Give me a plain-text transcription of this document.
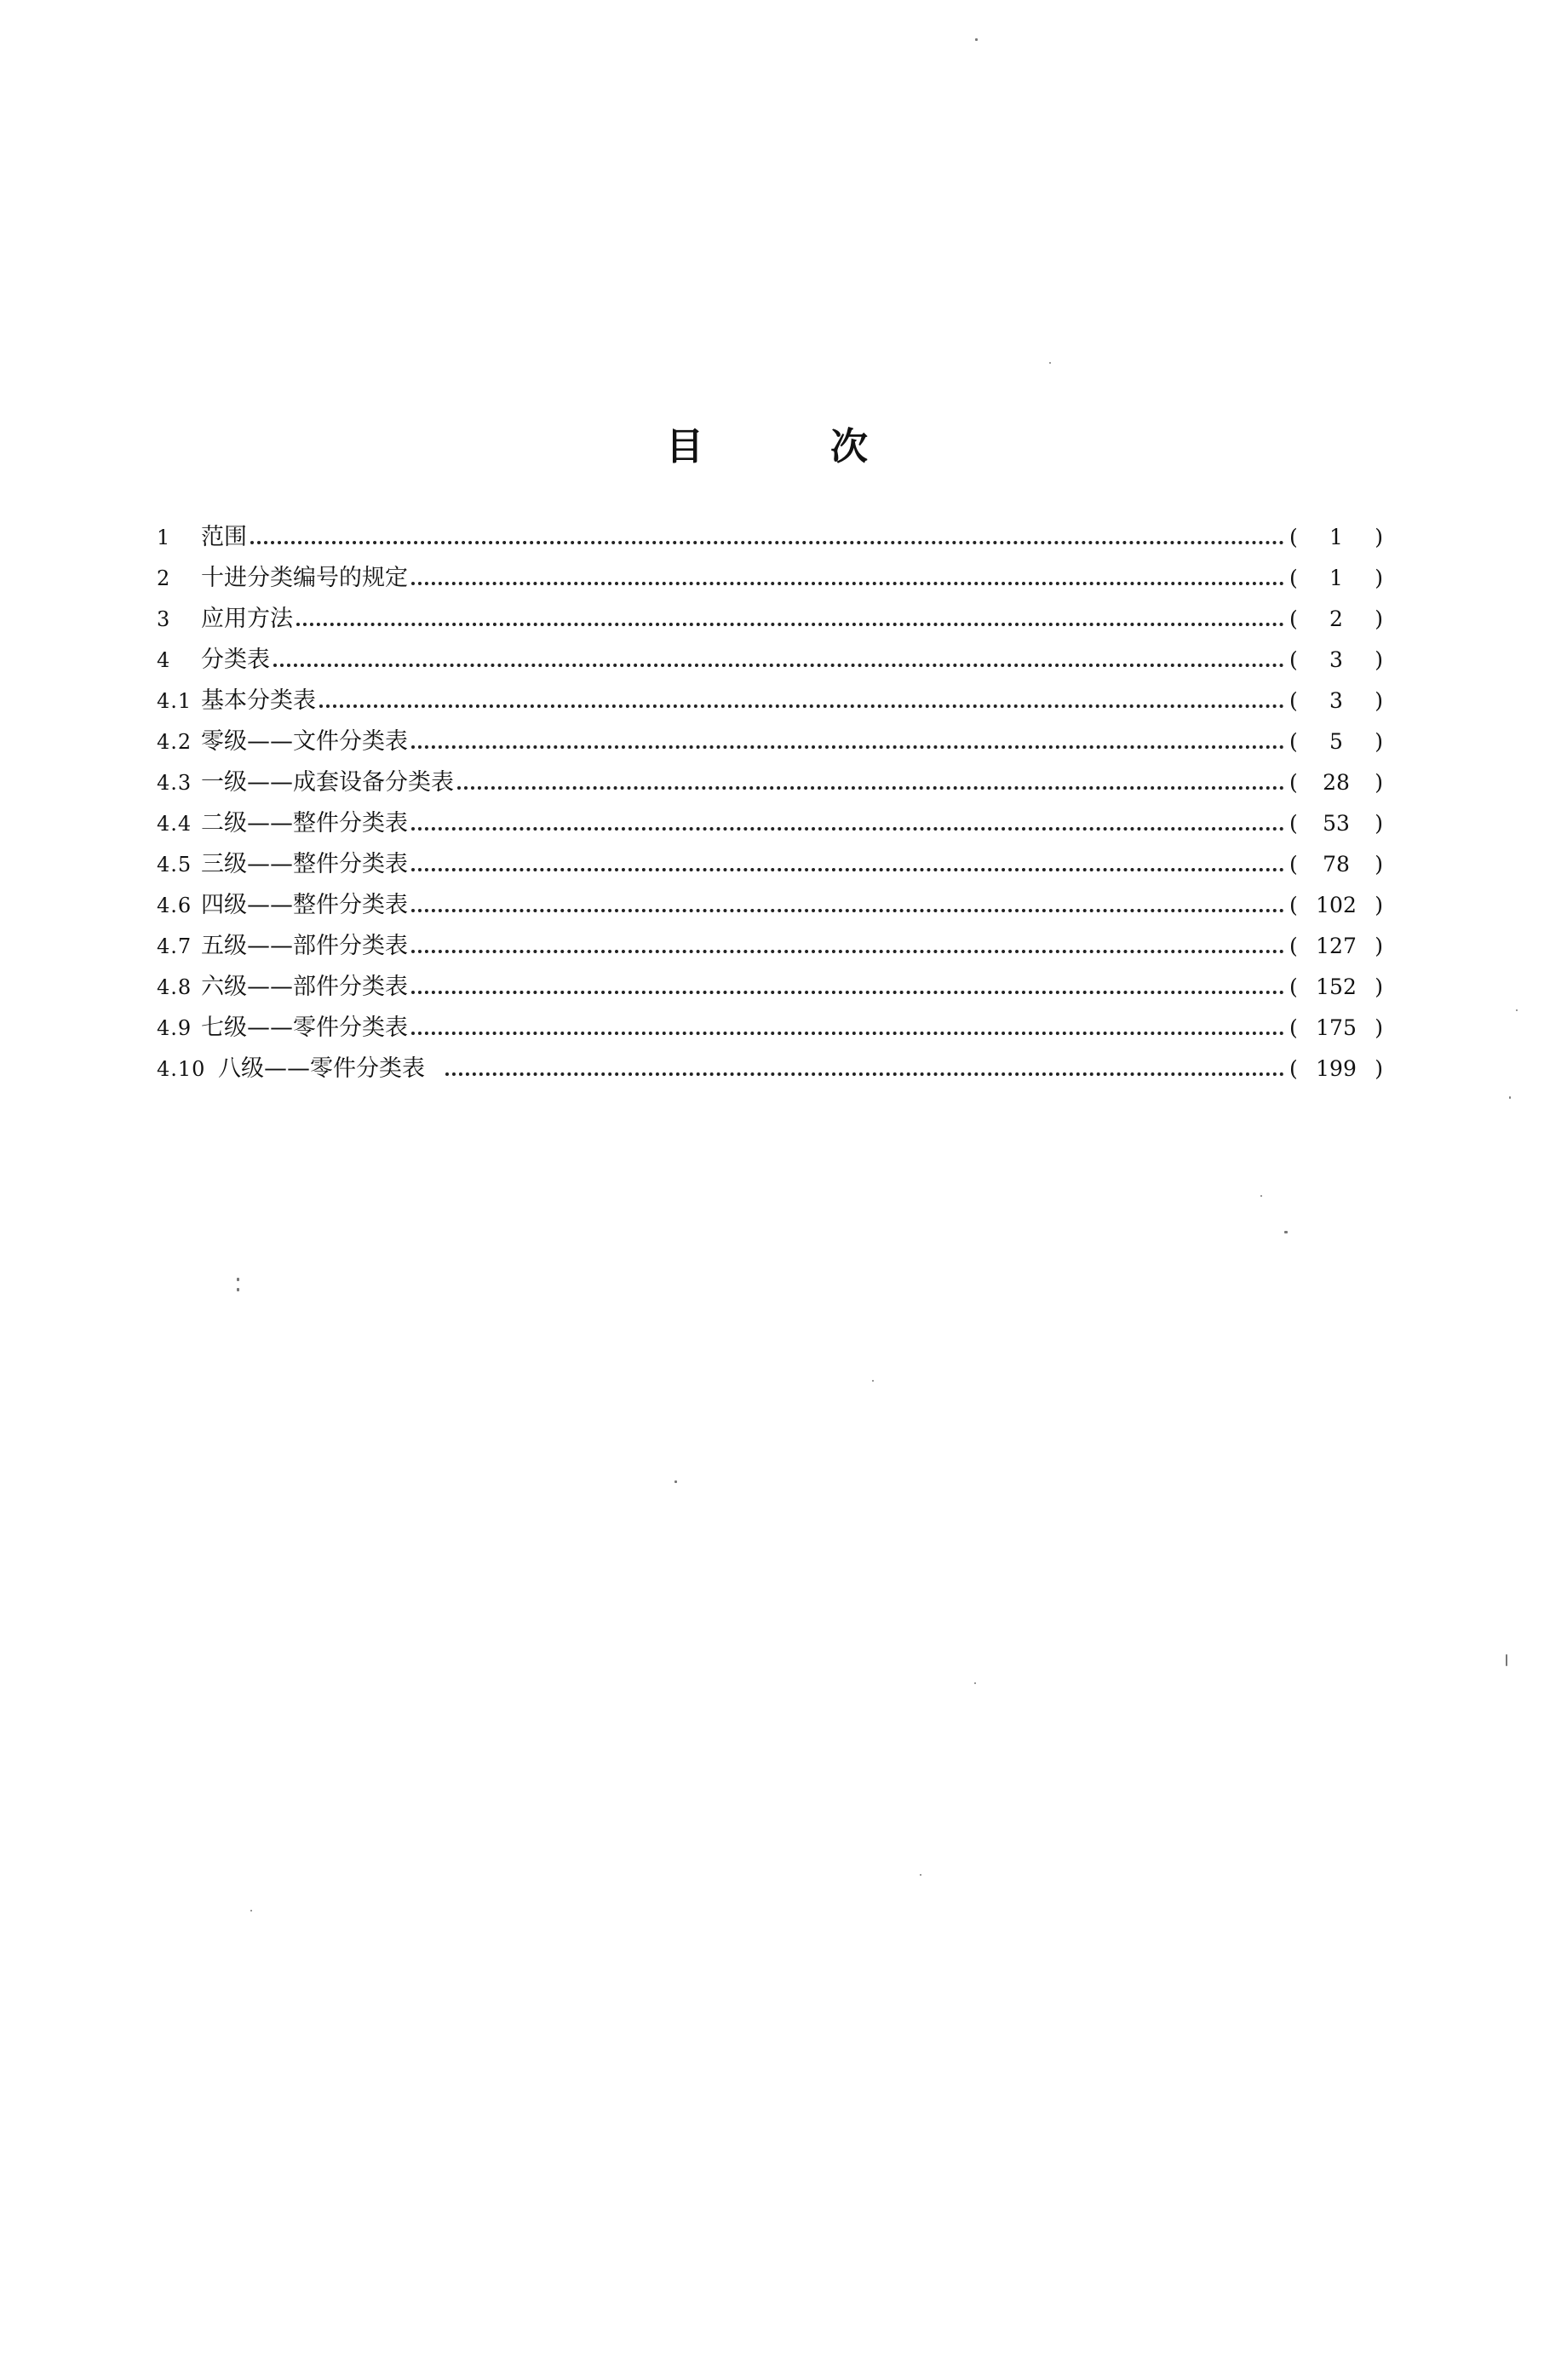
目	次
1	范围	(	1	)
2	十进分类编号的规定	(	1	)
3	应用方法	(	2	)
4	分类表	(	3	)
4.1 基本分类表	(	3	)
4.2 零级——文件分类表	(	5	)
4.3 一级——成套设备分类表	(	28	)
4.4 二级——整件分类表	(	53	)
4.5 三级——整件分类表	(	78	)
4.6 四级——整件分类表	( 102 )
4.7 五级——部件分类表	( 127 )
4.8 六级——部件分类表	( 152 )
4.9 七级——零件分类表	( 175 )
4.10 八级——零件分类表	( 199 )
